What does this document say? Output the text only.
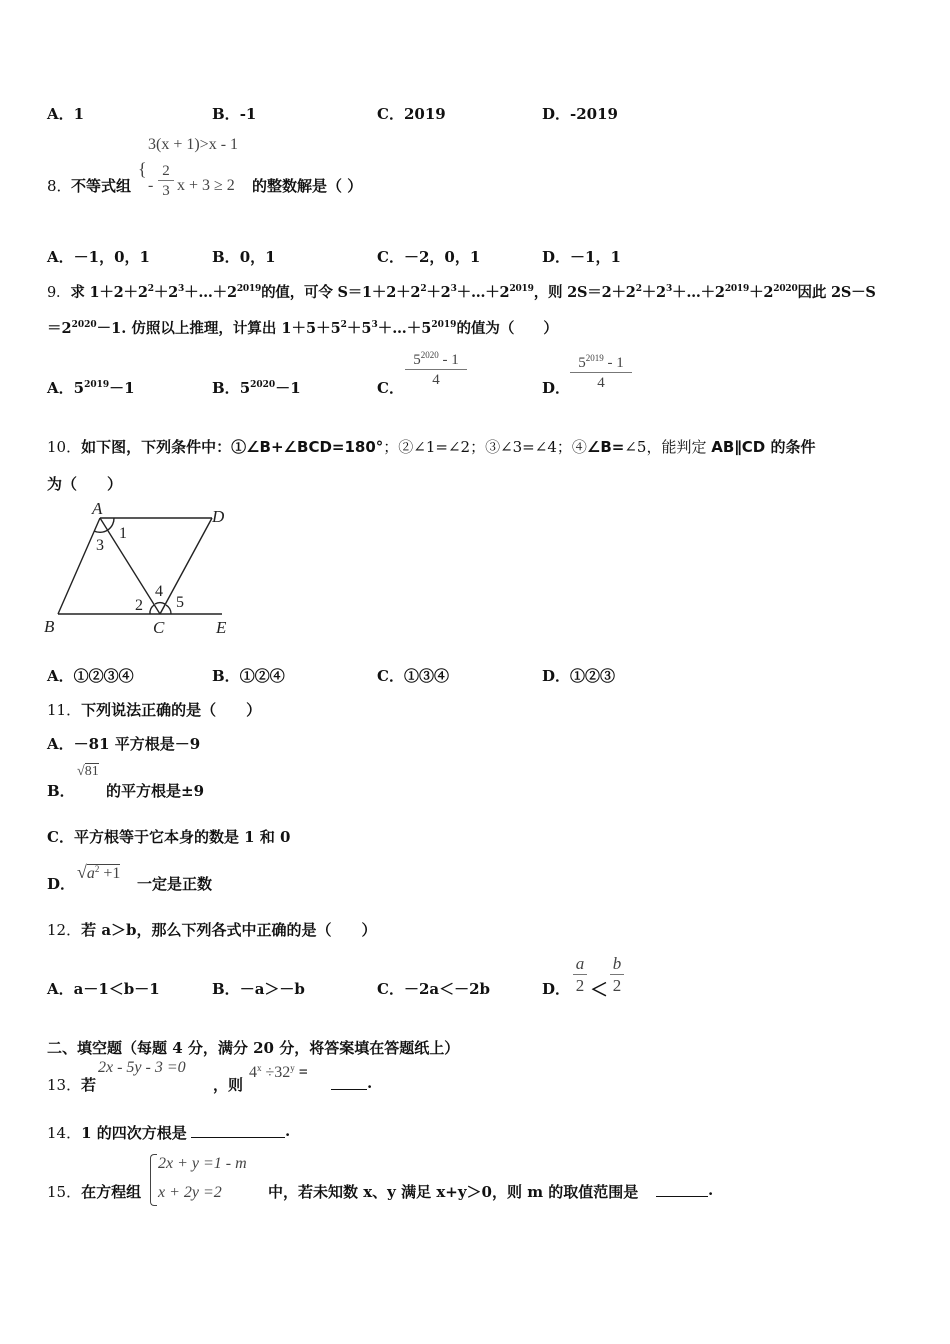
A．1	B．-1	C．2019	D．-2019
8． 不等式组
{
3(x + 1)>x - 1
-
2
3 x + 3 ≥ 2 的整数解是（ ）
A．－1，0，1	B．0，1	C．－2，0，1	D．－1，1
9．求 $1+2+2^2+2^3+\dots+2^{2019}$的值，可令 $S=1+2+2^2+2^3+\dots+2^{2019}$，则 $2S=2+2^2+2^3+\dots+2^{2019}+2^{2020}$因此 2S－S
$=2^{2020}-1$. 仿照以上推理，计算出 $1+5+5^2+5^3+\dots+5^{2019}$的值为（　　）
A．$5^{2019}-1$	B．$5^{2020}-1$	C．
$5^{2020} - 1$
4	D．
$5^{2019} - 1$
4
10．如下图，下列条件中：①∠B+∠BCD=180°；②∠1=∠2；③∠3=∠4；④∠B=∠5，能判定 AB∥CD 的条件
为（　　）
A	D
B	C	E
1
3
2
4
5
A．①②③④	B．①②④	C．①③④	D．①②③
11．下列说法正确的是（　　）
A．－81 平方根是－9
B．
√81
的平方根是±9
C．平方根等于它本身的数是 1 和 0
D．
$√a^2 +1$
一定是正数
12．若 a＞b，那么下列各式中正确的是（　　）
A．a－1＜b－1	B．－a＞－b	C．－2a＜－2b	D．
a
2 ＜
b
2
二、填空题（每题 4 分，满分 20 分，将答案填在答题纸上）
13． 若
2x - 5y - 3 =0
，则
$4^x \div 32^y$ =
.
14．1 的四次方根是	.
15．在方程组
2x + y =1 - m
x + 2y =2	中，若未知数 x、y 满足 x+y＞0，则 m 的取值范围是	.
